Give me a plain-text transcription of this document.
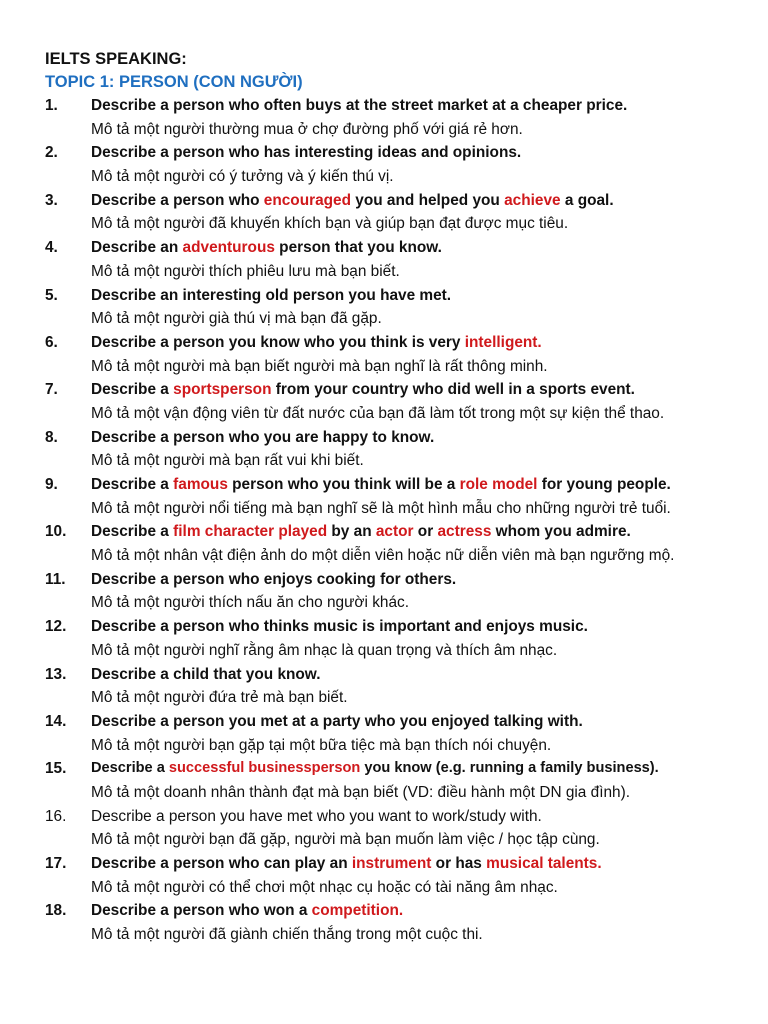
IELTS SPEAKING:
TOPIC 1: PERSON (CON NGƯỜI)
1.	Describe a person who often buys at the street market at a cheaper price.
Mô tả một người thường mua ở chợ đường phố với giá rẻ hơn.
2.	Describe a person who has interesting ideas and opinions.
Mô tả một người có ý tưởng và ý kiến thú vị.
3.	Describe a person who encouraged you and helped you achieve a goal.
Mô tả một người đã khuyến khích bạn và giúp bạn đạt được mục tiêu.
4.	Describe an adventurous person that you know.
Mô tả một người thích phiêu lưu mà bạn biết.
5.	Describe an interesting old person you have met.
Mô tả một người già thú vị mà bạn đã gặp.
6.	Describe a person you know who you think is very intelligent.
Mô tả một người mà bạn biết người mà bạn nghĩ là rất thông minh.
7.	Describe a sportsperson from your country who did well in a sports event.
Mô tả một vận động viên từ đất nước của bạn đã làm tốt trong một sự kiện thể thao.
8.	Describe a person who you are happy to know.
Mô tả một người mà bạn rất vui khi biết.
9.	Describe a famous person who you think will be a role model for young people.
Mô tả một người nổi tiếng mà bạn nghĩ sẽ là một hình mẫu cho những người trẻ tuổi.
10.	Describe a film character played by an actor or actress whom you admire.
Mô tả một nhân vật điện ảnh do một diễn viên hoặc nữ diễn viên mà bạn ngưỡng mộ.
11.	Describe a person who enjoys cooking for others.
Mô tả một người thích nấu ăn cho người khác.
12.	Describe a person who thinks music is important and enjoys music.
Mô tả một người nghĩ rằng âm nhạc là quan trọng và thích âm nhạc.
13.	Describe a child that you know.
Mô tả một người đứa trẻ mà bạn biết.
14.	Describe a person you met at a party who you enjoyed talking with.
Mô tả một người bạn gặp tại một bữa tiệc mà bạn thích nói chuyện.
15.	Describe a successful businessperson you know (e.g. running a family business).
Mô tả một doanh nhân thành đạt mà bạn biết (VD: điều hành một DN gia đình).
16.	Describe a person you have met who you want to work/study with.
Mô tả một người bạn đã gặp, người mà bạn muốn làm việc / học tập cùng.
17.	Describe a person who can play an instrument or has musical talents.
Mô tả một người có thể chơi một nhạc cụ hoặc có tài năng âm nhạc.
18.	Describe a person who won a competition.
Mô tả một người đã giành chiến thắng trong một cuộc thi.
